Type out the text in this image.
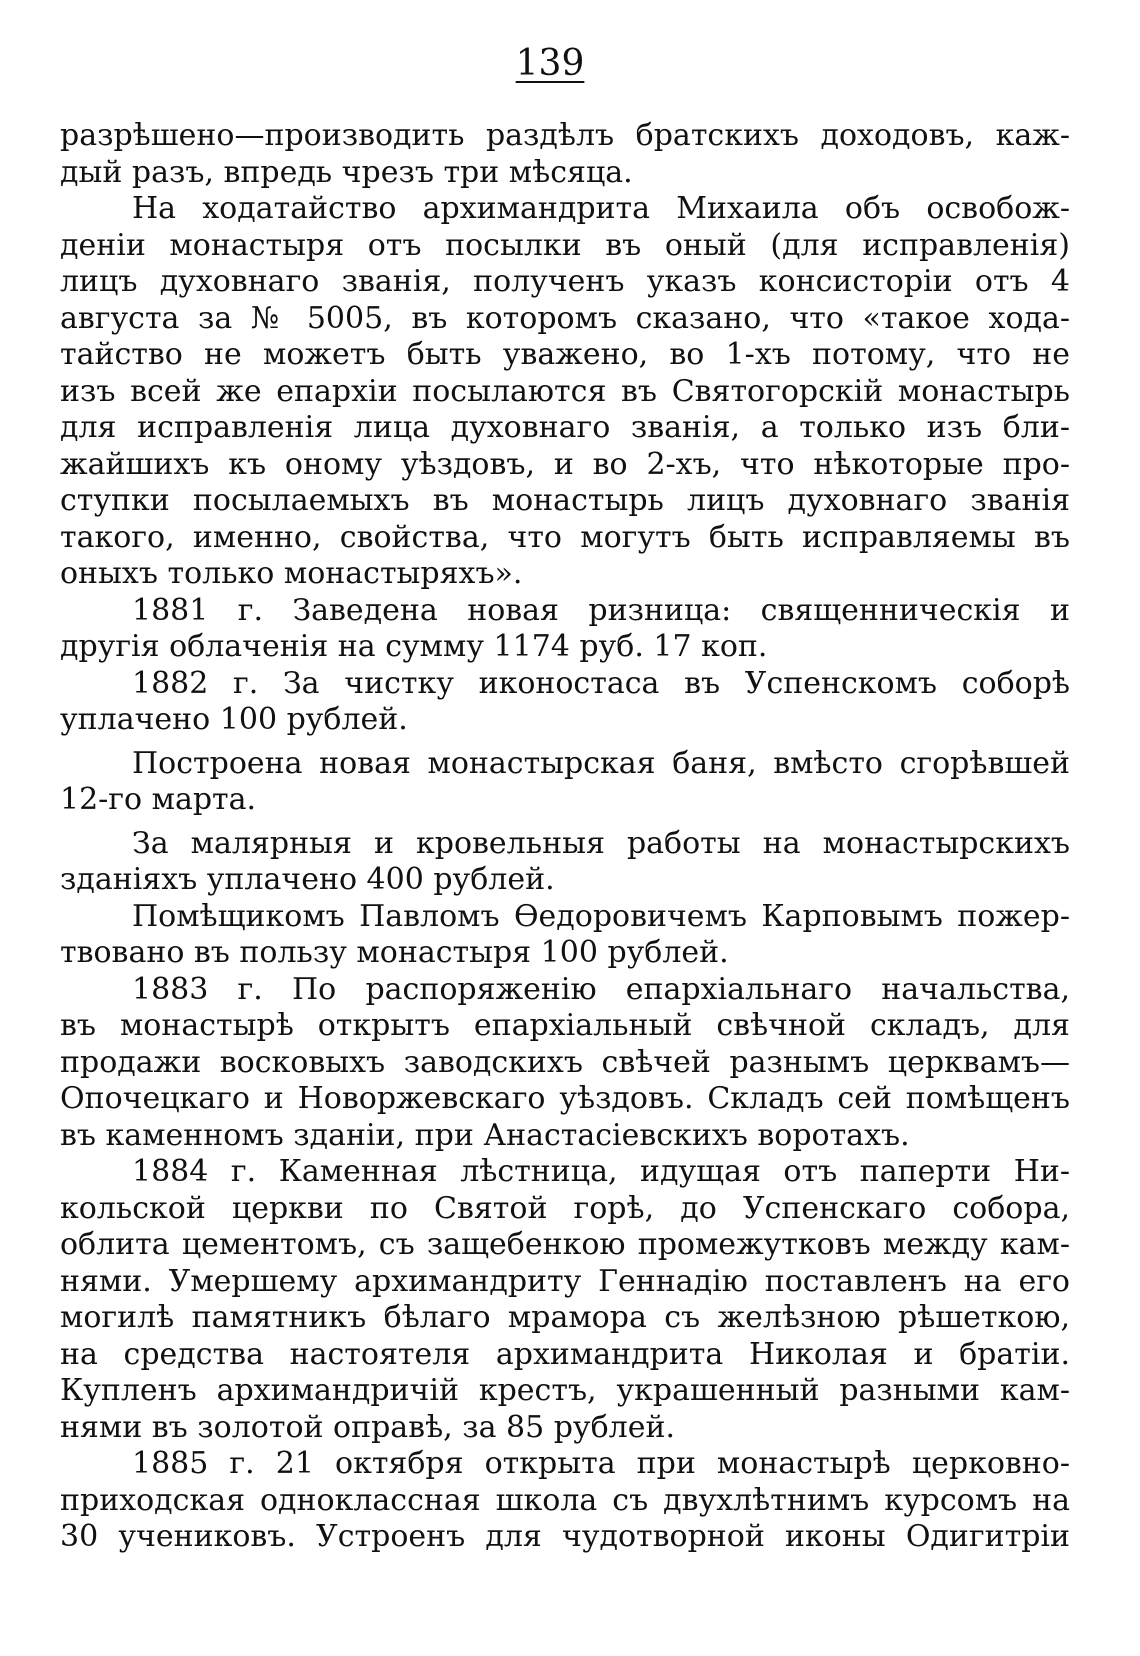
139
разрѣшено—производить раздѣлъ братскихъ доходовъ, каж-
дый разъ, впредь чрезъ три мѣсяца.
На ходатайство архимандрита Михаила объ освобож-
деніи монастыря отъ посылки въ оный (для исправленія)
лицъ духовнаго званія, полученъ указъ консисторіи отъ 4
августа за № 5005, въ которомъ сказано, что «такое хода-
тайство не можетъ быть уважено, во 1-хъ потому, что не
изъ всей же епархіи посылаются въ Святогорскій монастырь
для исправленія лица духовнаго званія, а только изъ бли-
жайшихъ къ оному уѣздовъ, и во 2-хъ, что нѣкоторые про-
ступки посылаемыхъ въ монастырь лицъ духовнаго званія
такого, именно, свойства, что могутъ быть исправляемы въ
оныхъ только монастыряхъ».
1881 г. Заведена новая ризница: священническія и
другія облаченія на сумму 1174 руб. 17 коп.
1882 г. За чистку иконостаса въ Успенскомъ соборѣ
уплачено 100 рублей.
Построена новая монастырская баня, вмѣсто сгорѣвшей
12-го марта.
За малярныя и кровельныя работы на монастырскихъ
зданіяхъ уплачено 400 рублей.
Помѣщикомъ Павломъ Ѳедоровичемъ Карповымъ пожер-
твовано въ пользу монастыря 100 рублей.
1883 г. По распоряженію епархіальнаго начальства,
въ монастырѣ открытъ епархіальный свѣчной складъ, для
продажи восковыхъ заводскихъ свѣчей разнымъ церквамъ—
Опочецкаго и Новоржевскаго уѣздовъ. Складъ сей помѣщенъ
въ каменномъ зданіи, при Анастасіевскихъ воротахъ.
1884 г. Каменная лѣстница, идущая отъ паперти Ни-
кольской церкви по Святой горѣ, до Успенскаго собора,
облита цементомъ, съ защебенкою промежутковъ между кам-
нями. Умершему архимандриту Геннадію поставленъ на его
могилѣ памятникъ бѣлаго мрамора съ желѣзною рѣшеткою,
на средства настоятеля архимандрита Николая и братіи.
Купленъ архимандричій крестъ, украшенный разными кам-
нями въ золотой оправѣ, за 85 рублей.
1885 г. 21 октября открыта при монастырѣ церковно-
приходская одноклассная школа съ двухлѣтнимъ курсомъ на
30 учениковъ. Устроенъ для чудотворной иконы Одигитріи
